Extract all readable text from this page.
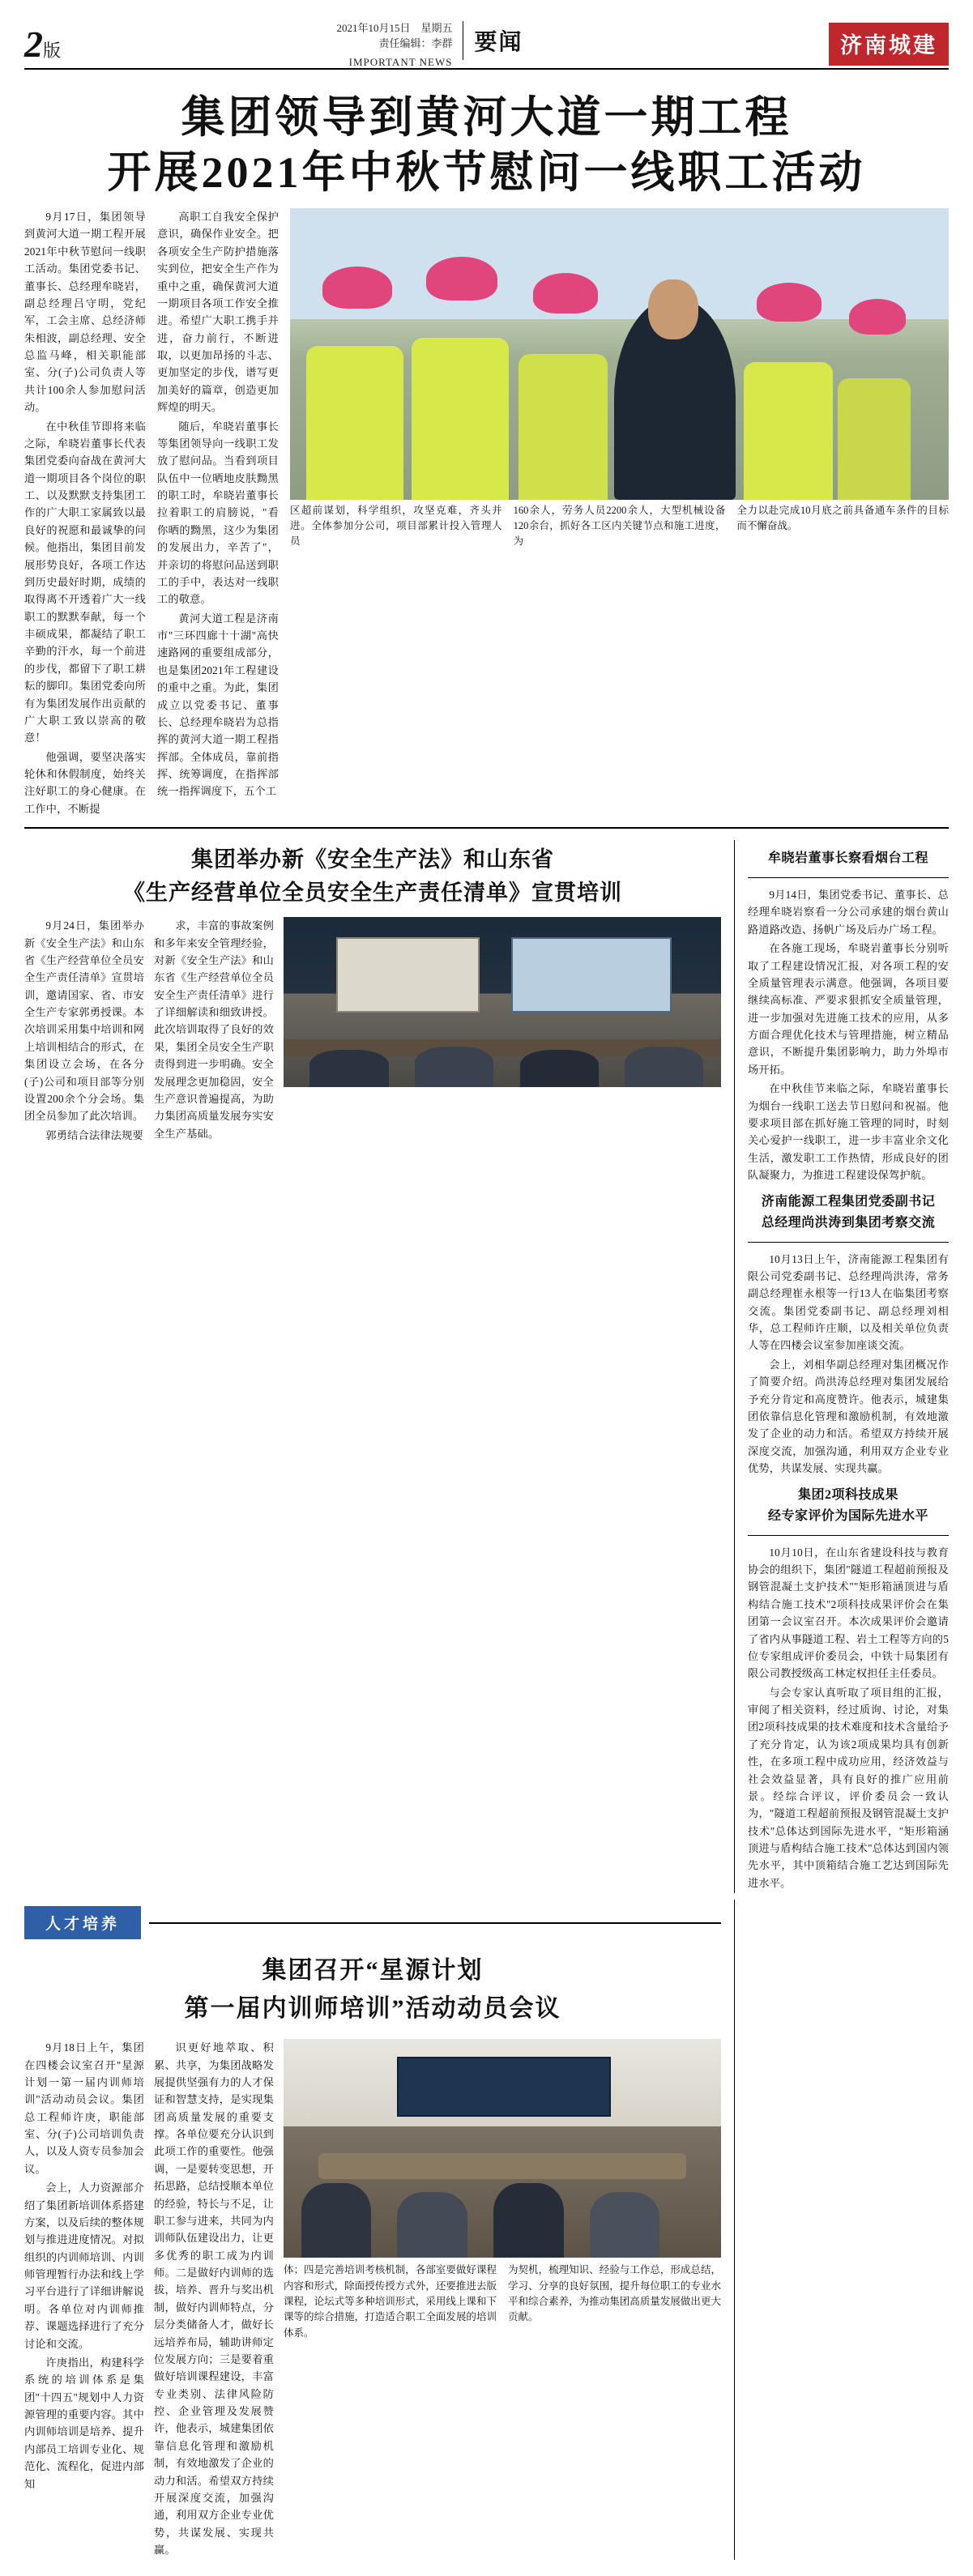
2版
2021年10月15日 星期五
责任编辑：李群
IMPORTANT NEWS
要闻	济南城建
集团领导到黄河大道一期工程
开展2021年中秋节慰问一线职工活动

9月17日，集团领导到黄河大道一期工程开展2021年中秋节慰问一线职工活动。集团党委书记、董事长、总经理牟晓岩，副总经理吕守明，党纪军，工会主席、总经济师朱相波，副总经理、安全总监马峰，相关职能部室、分(子)公司负责人等共计100余人参加慰问活动。

在中秋佳节即将来临之际，牟晓岩董事长代表集团党委向奋战在黄河大道一期项目各个岗位的职工、以及默默支持集团工作的广大职工家属致以最良好的祝愿和最诚挚的问候。他指出，集团目前发展形势良好，各项工作达到历史最好时期，成绩的取得离不开透着广大一线职工的默默奉献，每一个丰硕成果，都凝结了职工辛勤的汗水，每一个前进的步伐，都留下了职工耕耘的脚印。集团党委向所有为集团发展作出贡献的广大职工致以崇高的敬意！

他强调，要坚决落实轮休和休假制度，始终关注好职工的身心健康。在工作中，不断提

高职工自我安全保护意识，确保作业安全。把各项安全生产防护措施落实到位，把安全生产作为重中之重，确保黄河大道一期项目各项工作安全推进。希望广大职工携手并进，奋力前行，不断进取，以更加昂扬的斗志、更加坚定的步伐，谱写更加美好的篇章，创造更加辉煌的明天。

随后，牟晓岩董事长等集团领导向一线职工发放了慰问品。当看到项目队伍中一位晒地皮肤黝黑的职工时，牟晓岩董事长拉着职工的肩膀说，"看你晒的黝黑，这少为集团的发展出力，辛苦了"，并亲切的将慰问品送到职工的手中，表达对一线职工的敬意。

黄河大道工程是济南市"三环四廊十十湖"高快速路网的重要组成部分，也是集团2021年工程建设的重中之重。为此，集团成立以党委书记、董事长、总经理牟晓岩为总指挥的黄河大道一期工程指挥部。全体成员，靠前指挥、统筹调度，在指挥部统一指挥调度下，五个工

区超前谋划，科学组织，攻坚克难，齐头并进。全体参加分公司，项目部累计投入管理人员
160余人，劳务人员2200余人，大型机械设备120余台，抓好各工区内关键节点和施工进度，为
全力以赴完成10月底之前具备通车条件的目标而不懈奋战。
集团举办新《安全生产法》和山东省
《生产经营单位全员安全生产责任清单》宣贯培训

9月24日，集团举办新《安全生产法》和山东省《生产经营单位全员安全生产责任清单》宣贯培训，邀请国家、省、市安全生产专家郭勇授课。本次培训采用集中培训和网上培训相结合的形式，在集团设立会场，在各分(子)公司和项目部等分别设置200余个分会场。集团全员参加了此次培训。

郭勇结合法律法规要

求，丰富的事故案例和多年来安全管理经验，对新《安全生产法》和山东省《生产经营单位全员安全生产责任清单》进行了详细解读和细致讲授。此次培训取得了良好的效果，集团全员安全生产职责得到进一步明确。安全发展理念更加稳固，安全生产意识普遍提高，为助力集团高质量发展夯实安全生产基础。

牟晓岩董事长察看烟台工程

9月14日，集团党委书记、董事长、总经理牟晓岩察看一分公司承建的烟台黄山路道路改造、扬帆广场及后办广场工程。

在各施工现场，牟晓岩董事长分别听取了工程建设情况汇报，对各项工程的安全质量管理表示满意。他强调，各项目要继续高标准、严要求狠抓安全质量管理，进一步加强对先进施工技术的应用，从多方面合理优化技术与管理措施，树立精品意识，不断提升集团影响力，助力外埠市场开拓。

在中秋佳节来临之际，牟晓岩董事长为烟台一线职工送去节日慰问和祝福。他要求项目部在抓好施工管理的同时，时刻关心爱护一线职工，进一步丰富业余文化生活，激发职工工作热情，形成良好的团队凝聚力，为推进工程建设保驾护航。

济南能源工程集团党委副书记
总经理尚洪涛到集团考察交流

10月13日上午，济南能源工程集团有限公司党委副书记、总经理尚洪涛，常务副总经理崔永根等一行13人在临集团考察交流。集团党委副书记、副总经理刘相华，总工程师许庄顺，以及相关单位负责人等在四楼会议室参加座谈交流。

会上，刘相华副总经理对集团概况作了简要介绍。尚洪涛总经理对集团发展给予充分肯定和高度赞许。他表示，城建集团依靠信息化管理和激励机制，有效地激发了企业的动力和活。希望双方持续开展深度交流，加强沟通，利用双方企业专业优势，共谋发展、实现共赢。

集团2项科技成果
经专家评价为国际先进水平

10月10日，在山东省建设科技与教育协会的组织下，集团"隧道工程超前预报及钢管混凝土支护技术""矩形箱涵顶进与盾构结合施工技术"2项科技成果评价会在集团第一会议室召开。本次成果评价会邀请了省内从事隧道工程、岩土工程等方向的5位专家组成评价委员会，中铁十局集团有限公司教授级高工林定权担任主任委员。

与会专家认真听取了项目组的汇报，审阅了相关资料，经过质询、讨论，对集团2项科技成果的技术难度和技术含量给予了充分肯定，认为该2项成果均具有创新性，在多项工程中成功应用，经济效益与社会效益显著，具有良好的推广应用前景。经综合评议，评价委员会一致认为，"隧道工程超前预报及钢管混凝土支护技术"总体达到国际先进水平，"矩形箱涵顶进与盾构结合施工技术"总体达到国内领先水平，其中顶箱结合施工艺达到国际先进水平。

人才培养
集团召开“星源计划
第一届内训师培训”活动动员会议

9月18日上午，集团在四楼会议室召开"星源计划一第一届内训师培训"活动动员会议。集团总工程师许庚，职能部室、分(子)公司培训负责人，以及人资专员参加会议。

会上，人力资源部介绍了集团新培训体系搭建方案，以及后续的整体规划与推进进度情况。对拟组织的内训师培训、内训师管理暂行办法和线上学习平台进行了详细讲解说明。各单位对内训师推荐、课题选择进行了充分讨论和交流。

许庚指出，构建科学系统的培训体系是集团"十四五"规划中人力资源管理的重要内容。其中内训师培训是培养、提升内部员工培训专业化、规范化、流程化，促进内部知

识更好地萃取、积累、共享，为集团战略发展提供坚强有力的人才保证和智慧支持，是实现集团高质量发展的重要支撑。各单位要充分认识到此项工作的重要性。他强调，一是要转变思想，开拓思路，总结授顺本单位的经验，特长与不足，让职工参与进来，共同为内训师队伍建设出力，让更多优秀的职工成为内训师。二是做好内训师的选拔，培养、晋升与奖出机制，做好内训师特点，分层分类储备人才，做好长远培养布局，辅助讲师定位发展方向；三是要着重做好培训课程建设，丰富专业类别、法律风险防控、企业管理及发展赞许，他表示，城建集团依靠信息化管理和激励机制，有效地激发了企业的动力和活。希望双方持续开展深度交流，加强沟通，利用双方企业专业优势，共谋发展、实现共赢。

体；四是完善培训考核机制，各部室要做好课程内容和形式，除面授传授方式外，还要推进去版课程，论坛式等多种培训形式，采用线上课和下课等的综合措施，打造适合职工全面发展的培训体系。
为契机，梳理知识、经验与工作总，形成总结，学习、分享的良好氛围，提升每位职工的专业水平和综合素养，为推动集团高质量发展做出更大贡献。
